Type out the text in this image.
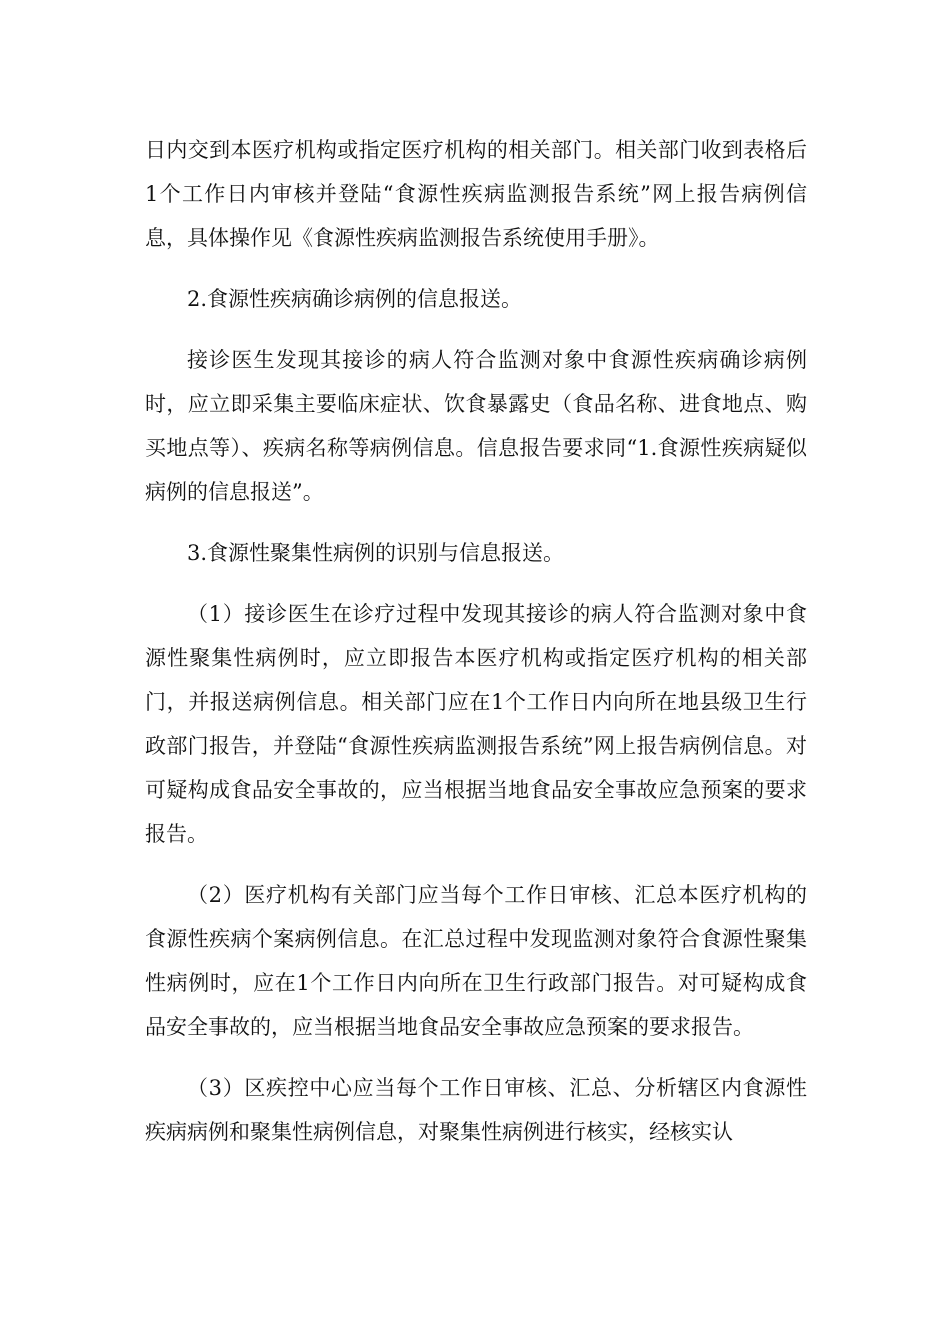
日内交到本医疗机构或指定医疗机构的相关部门。相关部门收到表格后1个工作日内审核并登陆“食源性疾病监测报告系统”网上报告病例信息，具体操作见《食源性疾病监测报告系统使用手册》。

2.食源性疾病确诊病例的信息报送。

接诊医生发现其接诊的病人符合监测对象中食源性疾病确诊病例时，应立即采集主要临床症状、饮食暴露史（食品名称、进食地点、购买地点等）、疾病名称等病例信息。信息报告要求同“1.食源性疾病疑似病例的信息报送”。

3.食源性聚集性病例的识别与信息报送。

（1）接诊医生在诊疗过程中发现其接诊的病人符合监测对象中食源性聚集性病例时，应立即报告本医疗机构或指定医疗机构的相关部门，并报送病例信息。相关部门应在1个工作日内向所在地县级卫生行政部门报告，并登陆“食源性疾病监测报告系统”网上报告病例信息。对可疑构成食品安全事故的，应当根据当地食品安全事故应急预案的要求报告。

（2）医疗机构有关部门应当每个工作日审核、汇总本医疗机构的食源性疾病个案病例信息。在汇总过程中发现监测对象符合食源性聚集性病例时，应在1个工作日内向所在卫生行政部门报告。对可疑构成食品安全事故的，应当根据当地食品安全事故应急预案的要求报告。

（3）区疾控中心应当每个工作日审核、汇总、分析辖区内食源性疾病病例和聚集性病例信息，对聚集性病例进行核实，经核实认
